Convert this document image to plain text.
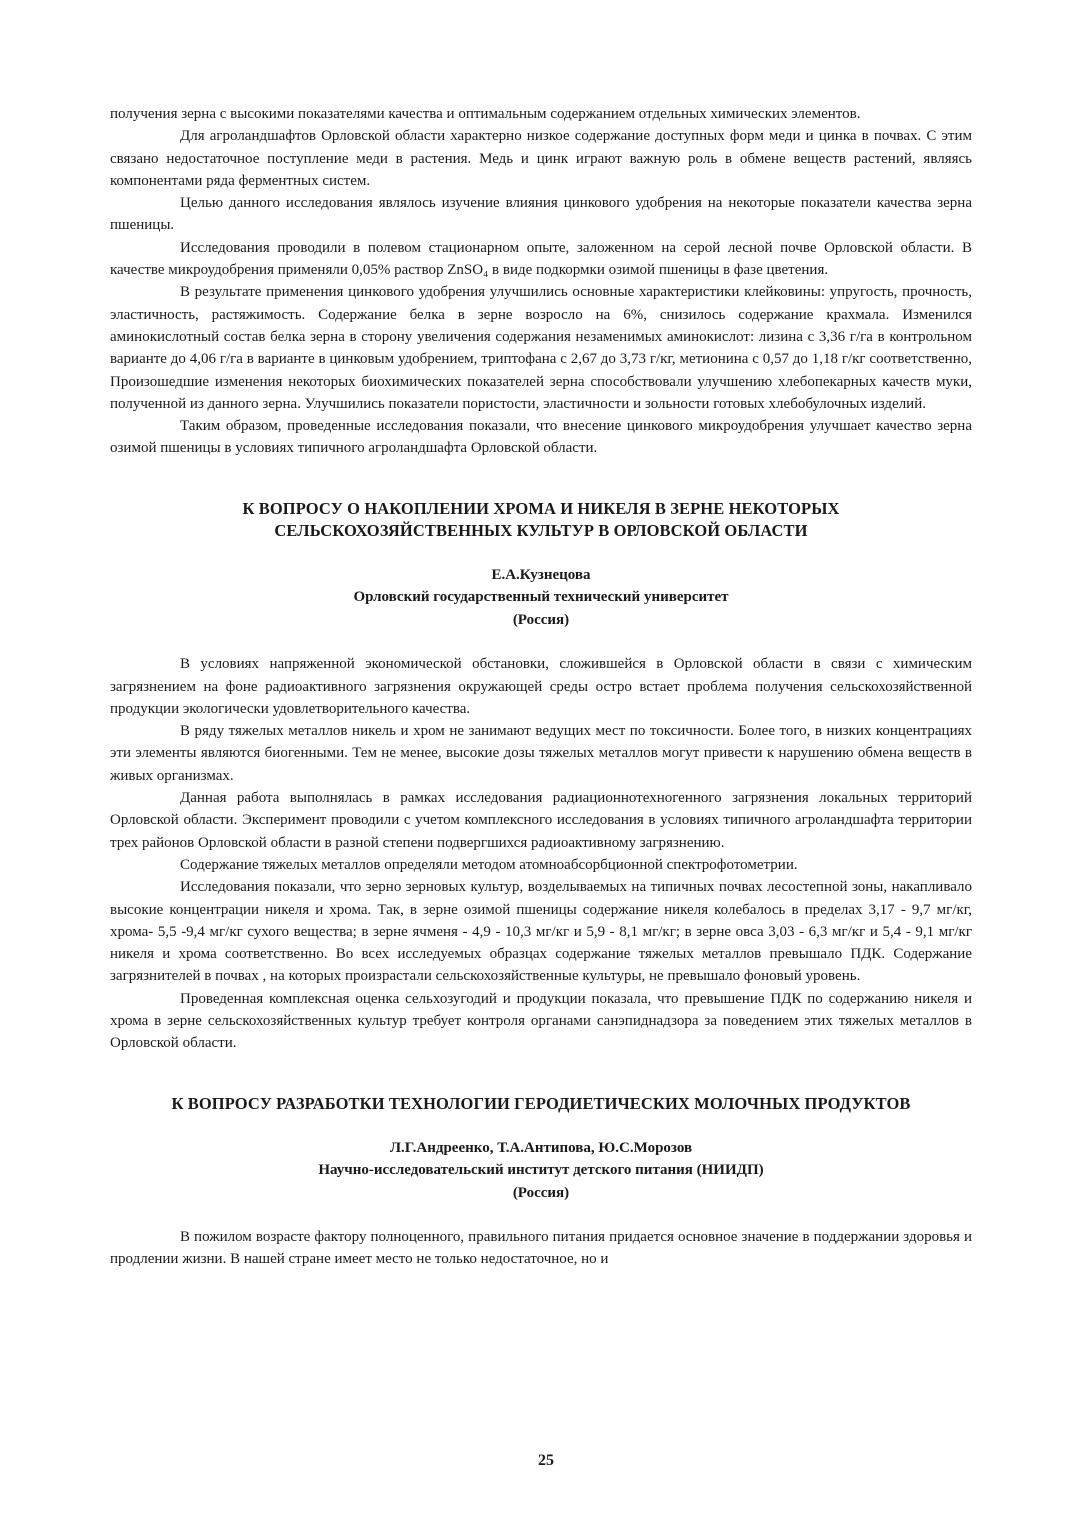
получения зерна с высокими показателями качества и оптимальным содержанием отдельных химических элементов.

Для агроландшафтов Орловской области характерно низкое содержание доступных форм меди и цинка в почвах. С этим связано недостаточное поступление меди в растения. Медь и цинк играют важную роль в обмене веществ растений, являясь компонентами ряда ферментных систем.

Целью данного исследования являлось изучение влияния цинкового удобрения на некоторые показатели качества зерна пшеницы.

Исследования проводили в полевом стационарном опыте, заложенном на серой лесной почве Орловской области. В качестве микроудобрения применяли 0,05% раствор ZnSO₄ в виде подкормки озимой пшеницы в фазе цветения.

В результате применения цинкового удобрения улучшились основные характеристики клейковины: упругость, прочность, эластичность, растяжимость. Содержание белка в зерне возросло на 6%, снизилось содержание крахмала. Изменился аминокислотный состав белка зерна в сторону увеличения содержания незаменимых аминокислот: лизина с 3,36 г/га в контрольном варианте до 4,06 г/га в варианте в цинковым удобрением, триптофана с 2,67 до 3,73 г/кг, метионина с 0,57 до 1,18 г/кг соответственно, Произошедшие изменения некоторых биохимических показателей зерна способствовали улучшению хлебопекарных качеств муки, полученной из данного зерна. Улучшились показатели пористости, эластичности и зольности готовых хлебобулочных изделий.

Таким образом, проведенные исследования показали, что внесение цинкового микроудобрения улучшает качество зерна озимой пшеницы в условиях типичного агроландшафта Орловской области.

К ВОПРОСУ О НАКОПЛЕНИИ ХРОМА И НИКЕЛЯ В ЗЕРНЕ НЕКОТОРЫХ
СЕЛЬСКОХОЗЯЙСТВЕННЫХ КУЛЬТУР В ОРЛОВСКОЙ ОБЛАСТИ
Е.А.Кузнецова
Орловский государственный технический университет
(Россия)

В условиях напряженной экономической обстановки, сложившейся в Орловской области в связи с химическим загрязнением на фоне радиоактивного загрязнения окружающей среды остро встает проблема получения сельскохозяйственной продукции экологически удовлетворительного качества.

В ряду тяжелых металлов никель и хром не занимают ведущих мест по токсичности. Более того, в низких концентрациях эти элементы являются биогенными. Тем не менее, высокие дозы тяжелых металлов могут привести к нарушению обмена веществ в живых организмах.

Данная работа выполнялась в рамках исследования радиационнотехногенного загрязнения локальных территорий Орловской области. Эксперимент проводили с учетом комплексного исследования в условиях типичного агроландшафта территории трех районов Орловской области в разной степени подвергшихся радиоактивному загрязнению.

Содержание тяжелых металлов определяли методом атомноабсорбционной спектрофотометрии.

Исследования показали, что зерно зерновых культур, возделываемых на типичных почвах лесостепной зоны, накапливало высокие концентрации никеля и хрома. Так, в зерне озимой пшеницы содержание никеля колебалось в пределах 3,17 - 9,7 мг/кг, хрома- 5,5 -9,4 мг/кг сухого вещества; в зерне ячменя - 4,9 - 10,3 мг/кг и 5,9 - 8,1 мг/кг; в зерне овса 3,03 - 6,3 мг/кг и 5,4 - 9,1 мг/кг никеля и хрома соответственно. Во всех исследуемых образцах содержание тяжелых металлов превышало ПДК. Содержание загрязнителей в почвах , на которых произрастали сельскохозяйственные культуры, не превышало фоновый уровень.

Проведенная комплексная оценка сельхозугодий и продукции показала, что превышение ПДК по содержанию никеля и хрома в зерне сельскохозяйственных культур требует контроля органами санэпиднадзора за поведением этих тяжелых металлов в Орловской области.

К ВОПРОСУ РАЗРАБОТКИ ТЕХНОЛОГИИ ГЕРОДИЕТИЧЕСКИХ МОЛОЧНЫХ ПРОДУКТОВ
Л.Г.Андреенко, Т.А.Антипова, Ю.С.Морозов
Научно-исследовательский институт детского питания (НИИДП)
(Россия)

В пожилом возрасте фактору полноценного, правильного питания придается основное значение в поддержании здоровья и продлении жизни. В нашей стране имеет место не только недостаточное, но и

25
